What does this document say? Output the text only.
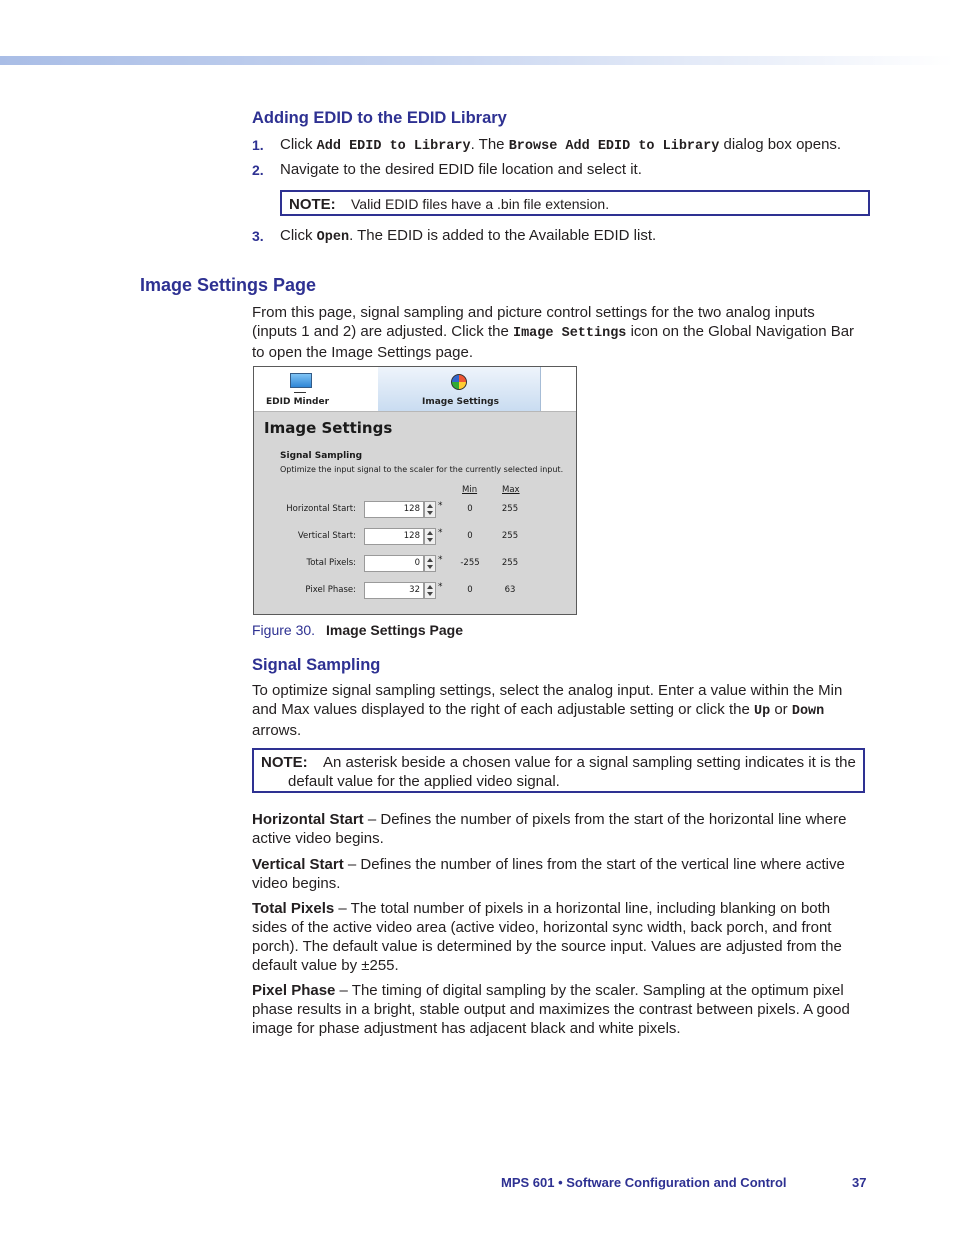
Adding EDID to the EDID Library
1. Click Add EDID to Library. The Browse Add EDID to Library dialog box opens.
2. Navigate to the desired EDID file location and select it.
NOTE: Valid EDID files have a .bin file extension.
3. Click Open. The EDID is added to the Available EDID list.
Image Settings Page
From this page, signal sampling and picture control settings for the two analog inputs
(inputs 1 and 2) are adjusted. Click the Image Settings icon on the Global Navigation Bar
to open the Image Settings page.
EDID Minder	Image Settings
Image Settings
Signal Sampling
Optimize the input signal to the scaler for the currently selected input.
Min	Max
Horizontal Start:	128	*	0	255
Vertical Start:	128	*	0	255
Total Pixels:	0	*	-255	255
Pixel Phase:	32	*	0	63
Figure 30. Image Settings Page
Signal Sampling
To optimize signal sampling settings, select the analog input. Enter a value within the Min
and Max values displayed to the right of each adjustable setting or click the Up or Down
arrows.
NOTE: An asterisk beside a chosen value for a signal sampling setting indicates it is the
default value for the applied video signal.
Horizontal Start – Defines the number of pixels from the start of the horizontal line where
active video begins.
Vertical Start – Defines the number of lines from the start of the vertical line where active
video begins.
Total Pixels – The total number of pixels in a horizontal line, including blanking on both
sides of the active video area (active video, horizontal sync width, back porch, and front
porch). The default value is determined by the source input. Values are adjusted from the
default value by ±255.
Pixel Phase – The timing of digital sampling by the scaler. Sampling at the optimum pixel
phase results in a bright, stable output and maximizes the contrast between pixels. A good
image for phase adjustment has adjacent black and white pixels.
MPS 601 • Software Configuration and Control	37
